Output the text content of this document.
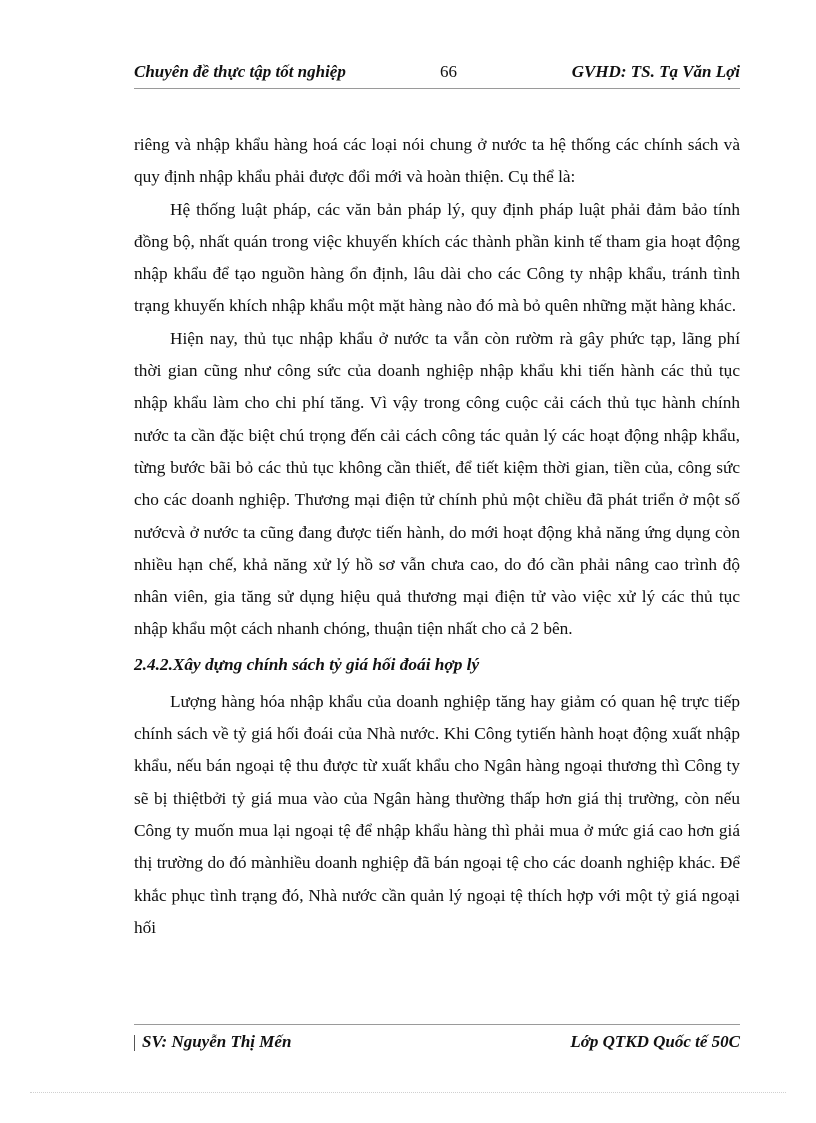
Chuyên đề thực tập tốt nghiệp	66	GVHD: TS. Tạ Văn Lợi

riêng và nhập khẩu hàng hoá các loại nói chung ở nước ta hệ thống các chính sách và quy định nhập khẩu phải được đổi mới và hoàn thiện. Cụ thể là:

Hệ thống luật pháp, các văn bản pháp lý, quy định pháp luật phải đảm bảo tính đồng bộ, nhất quán trong việc khuyến khích các thành phần kinh tế tham gia hoạt động nhập khẩu để tạo nguồn hàng ổn định, lâu dài cho các Công ty nhập khẩu, tránh tình trạng khuyến khích nhập khẩu một mặt hàng nào đó mà bỏ quên những mặt hàng khác.

Hiện nay, thủ tục nhập khẩu ở nước ta vẫn còn rườm rà gây phức tạp, lãng phí thời gian cũng như công sức của doanh nghiệp nhập khẩu khi tiến hành các thủ tục nhập khẩu làm cho chi phí tăng. Vì vậy trong công cuộc cải cách thủ tục hành chính nước ta cần đặc biệt chú trọng đến cải cách công tác quản lý các hoạt động nhập khẩu, từng bước bãi bỏ các thủ tục không cần thiết, để tiết kiệm thời gian, tiền của, công sức cho các doanh nghiệp. Thương mại điện tử chính phủ một chiều đã phát triển ở một số nướcvà ở nước ta cũng đang được tiến hành, do mới hoạt động khả năng ứng dụng còn nhiều hạn chế, khả năng xử lý hồ sơ vẫn chưa cao, do đó cần phải nâng cao trình độ nhân viên, gia tăng sử dụng hiệu quả thương mại điện tử vào việc xử lý các thủ tục nhập khẩu một cách nhanh chóng, thuận tiện nhất cho cả 2 bên.

2.4.2.Xây dựng chính sách tỷ giá hối đoái hợp lý

Lượng hàng hóa nhập khẩu của doanh nghiệp tăng hay giảm có quan hệ trực tiếp chính sách về tỷ giá hối đoái của Nhà nước. Khi Công tytiến hành hoạt động xuất nhập khẩu, nếu bán ngoại tệ thu được từ xuất khẩu cho Ngân hàng ngoại thương thì Công ty sẽ bị thiệtbởi tỷ giá mua vào của Ngân hàng thường thấp hơn giá thị trường, còn nếu Công ty muốn mua lại ngoại tệ để nhập khẩu hàng thì phải mua ở mức giá cao hơn giá thị trường do đó mànhiều doanh nghiệp đã bán ngoại tệ cho các doanh nghiệp khác. Để khắc phục tình trạng đó, Nhà nước cần quản lý ngoại tệ thích hợp với một tỷ giá ngoại hối

SV: Nguyễn Thị Mến	Lớp QTKD Quốc tế 50C
